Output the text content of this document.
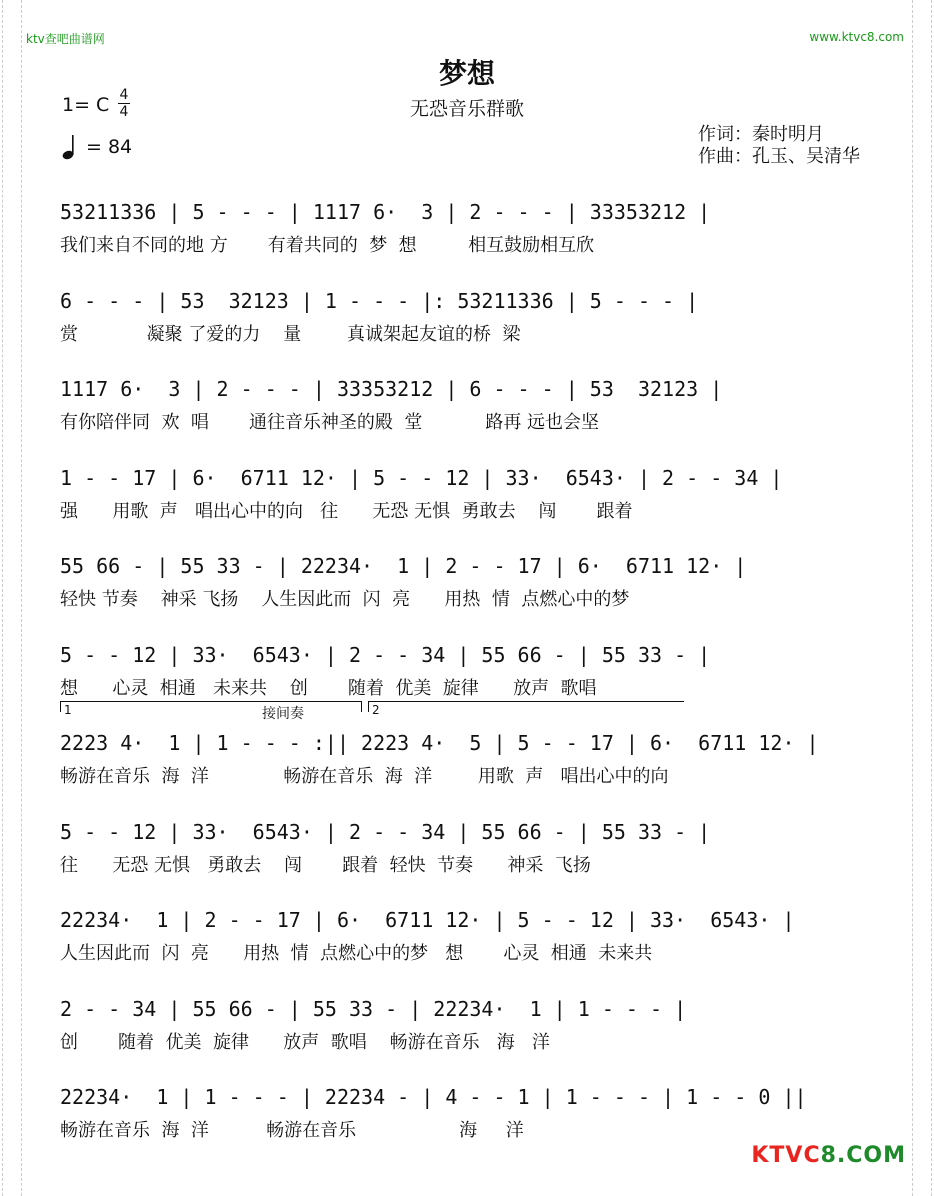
ktv查吧曲谱网	www.ktvc8.com
梦想
无恐音乐群歌
1= C 4
4
= 84
作词：秦时明月
作曲：孔玉、吴清华
53211336 | 5 - - - | 1117 6·  3 | 2 - - - | 33353212 |
我们来自不同的地 方       有着共同的  梦  想         相互鼓励相互欣
6 - - - | 53  32123 | 1 - - - |: 53211336 | 5 - - - |
赏            凝聚 了爱的力    量        真诚架起友谊的桥  梁
1117 6·  3 | 2 - - - | 33353212 | 6 - - - | 53  32123 |
有你陪伴同  欢  唱       通往音乐神圣的殿  堂           路再 远也会坚
1 - - 17 | 6·  6711 12· | 5 - - 12 | 33·  6543· | 2 - - 34 |
强      用歌  声   唱出心中的向   往      无恐 无惧  勇敢去    闯       跟着
55 66 - | 55 33 - | 22234·  1 | 2 - - 17 | 6·  6711 12· |
轻快 节奏    神采 飞扬    人生因此而  闪  亮      用热  情  点燃心中的梦
5 - - 12 | 33·  6543· | 2 - - 34 | 55 66 - | 55 33 - |
想      心灵  相通   未来共    创       随着  优美  旋律      放声  歌唱
1	接间奏	2
2223 4·  1 | 1 - - - :|| 2223 4·  5 | 5 - - 17 | 6·  6711 12· |
畅游在音乐  海  洋             畅游在音乐  海  洋        用歌  声   唱出心中的向
5 - - 12 | 33·  6543· | 2 - - 34 | 55 66 - | 55 33 - |
往      无恐 无惧   勇敢去    闯       跟着  轻快  节奏      神采  飞扬
22234·  1 | 2 - - 17 | 6·  6711 12· | 5 - - 12 | 33·  6543· |
人生因此而  闪  亮      用热  情  点燃心中的梦   想       心灵  相通  未来共
2 - - 34 | 55 66 - | 55 33 - | 22234·  1 | 1 - - - |
创       随着  优美  旋律      放声  歌唱    畅游在音乐   海   洋
22234·  1 | 1 - - - | 22234 - | 4 - - 1 | 1 - - - | 1 - - 0 ||
畅游在音乐  海  洋          畅游在音乐                  海     洋
KTVC8.COM
